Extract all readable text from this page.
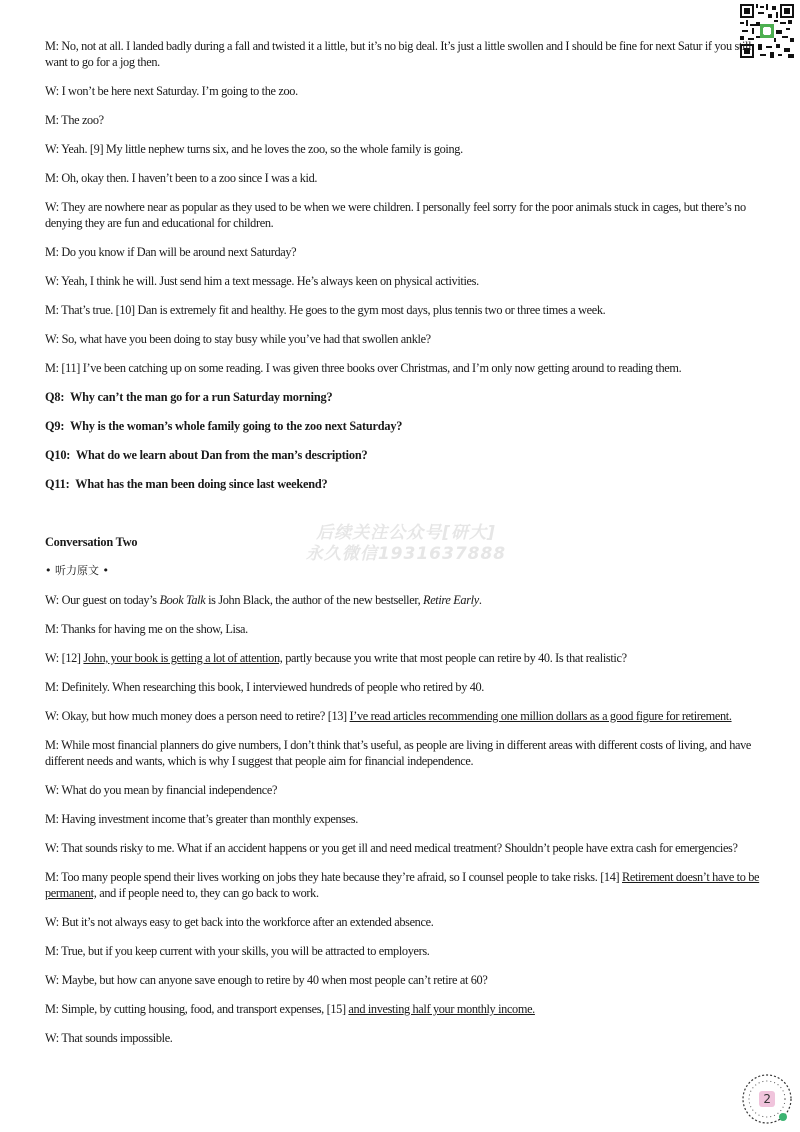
后续关注公众号[研大]
永久微信1931637888

M: No, not at all. I landed badly during a fall and twisted it a little, but it’s no big deal. It’s just a little swollen and I should be fine for next Satur if you still want to go for a jog then.

W: I won’t be here next Saturday. I’m going to the zoo.

M: The zoo?

W: Yeah. [9] My little nephew turns six, and he loves the zoo, so the whole family is going.

M: Oh, okay then. I haven’t been to a zoo since I was a kid.

W: They are nowhere near as popular as they used to be when we were children. I personally feel sorry for the poor animals stuck in cages, but there’s no denying they are fun and educational for children.

M: Do you know if Dan will be around next Saturday?

W: Yeah, I think he will. Just send him a text message. He’s always keen on physical activities.

M: That’s true. [10] Dan is extremely fit and healthy. He goes to the gym most days, plus tennis two or three times a week.

W: So, what have you been doing to stay busy while you’ve had that swollen ankle?

M: [11] I’ve been catching up on some reading. I was given three books over Christmas, and I’m only now getting around to reading them.

Q8: Why can’t the man go for a run Saturday morning?

Q9: Why is the woman’s whole family going to the zoo next Saturday?

Q10: What do we learn about Dan from the man’s description?

Q11: What has the man been doing since last weekend?

Conversation Two

• 听力原文 •

W: Our guest on today’s Book Talk is John Black, the author of the new bestseller, Retire Early.

M: Thanks for having me on the show, Lisa.

W: [12] John, your book is getting a lot of attention, partly because you write that most people can retire by 40. Is that realistic?

M: Definitely. When researching this book, I interviewed hundreds of people who retired by 40.

W: Okay, but how much money does a person need to retire? [13] I’ve read articles recommending one million dollars as a good figure for retirement.

M: While most financial planners do give numbers, I don’t think that’s useful, as people are living in different areas with different costs of living, and have different needs and wants, which is why I suggest that people aim for financial independence.

W: What do you mean by financial independence?

M: Having investment income that’s greater than monthly expenses.

W: That sounds risky to me. What if an accident happens or you get ill and need medical treatment? Shouldn’t people have extra cash for emergencies?

M: Too many people spend their lives working on jobs they hate because they’re afraid, so I counsel people to take risks. [14] Retirement doesn’t have to be permanent, and if people need to, they can go back to work.

W: But it’s not always easy to get back into the workforce after an extended absence.

M: True, but if you keep current with your skills, you will be attracted to employers.

W: Maybe, but how can anyone save enough to retire by 40 when most people can’t retire at 60?

M: Simple, by cutting housing, food, and transport expenses, [15] and investing half your monthly income.

W: That sounds impossible.

2
